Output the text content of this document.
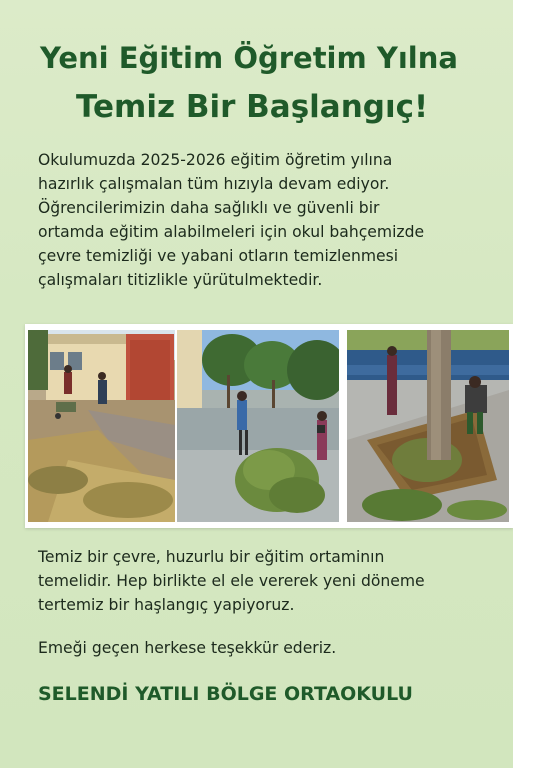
Yeni Eğitim Öğretim Yılna
Temiz Bir Başlangıç!
Okulumuzda 2025-2026 eğitim öğretim yılına
hazırlık çalışmalan tüm hızıyla devam ediyor.
Öğrencilerimizin daha sağlıklı ve güvenli bir
ortamda eğitim alabilmeleri için okul bahçemizde
çevre temizliği ve yabani otların temizlenmesi
çalışmaları titizlikle yürütulmektedir.
Temiz bir çevre, huzurlu bir eğitim ortaminın
temelidir. Hep birlikte el ele vererek yeni döneme
tertemiz bir haşlangıç yapiyoruz.
Emeği geçen herkese teşekkür ederiz.
SELENDİ YATILI BÖLGE ORTAOKULU
